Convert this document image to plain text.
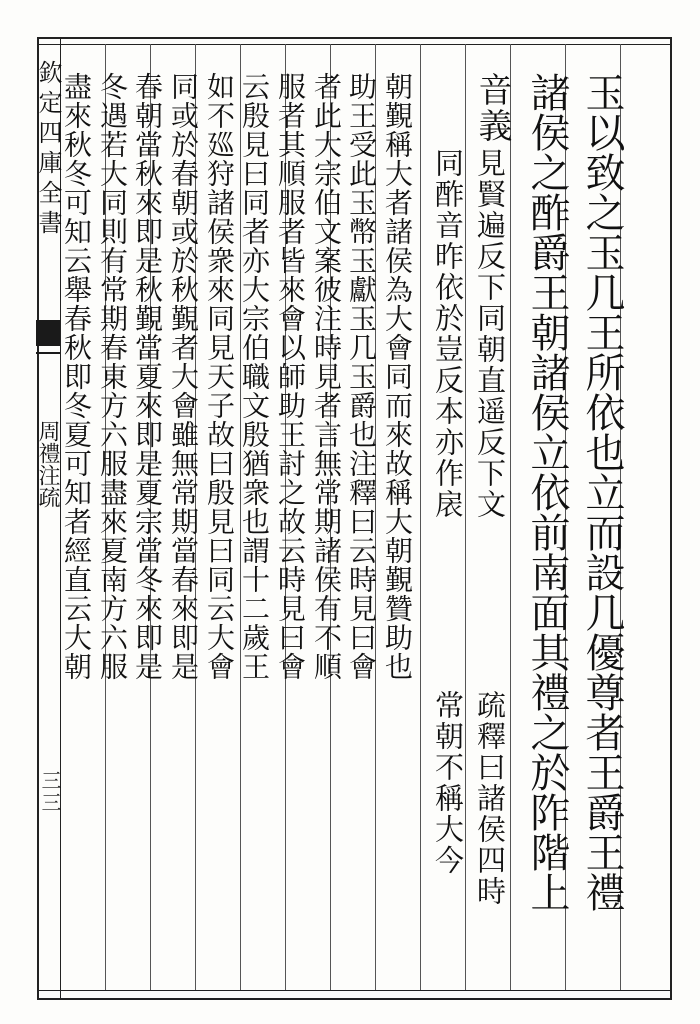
欽定四庫全書
周禮注疏
三三	玉以致之玉几王所依也立而設几優尊者王爵王禮
諸侯之酢爵王朝諸侯立依前南面其禮之於阼階上
音義
見賢遍反下同朝直遥反下文
疏釋曰諸侯四時
同酢音昨依於豈反本亦作扆
常朝不稱大今
朝覲稱大者諸侯為大會同而來故稱大朝覲贊助也
助王受此玉幣玉獻玉几玉爵也注釋曰云時見曰會
者此大宗伯文案彼注時見者言無常期諸侯有不順
服者其順服者皆來會以師助王討之故云時見曰會
云殷見曰同者亦大宗伯職文殷猶衆也謂十二歲王
如不廵狩諸侯衆來同見天子故曰殷見曰同云大會
同或於春朝或於秋覲者大會雖無常期當春來即是
春朝當秋來即是秋覲當夏來即是夏宗當冬來即是
冬遇若大同則有常期春東方六服盡來夏南方六服
盡來秋冬可知云舉春秋即冬夏可知者經直云大朝
